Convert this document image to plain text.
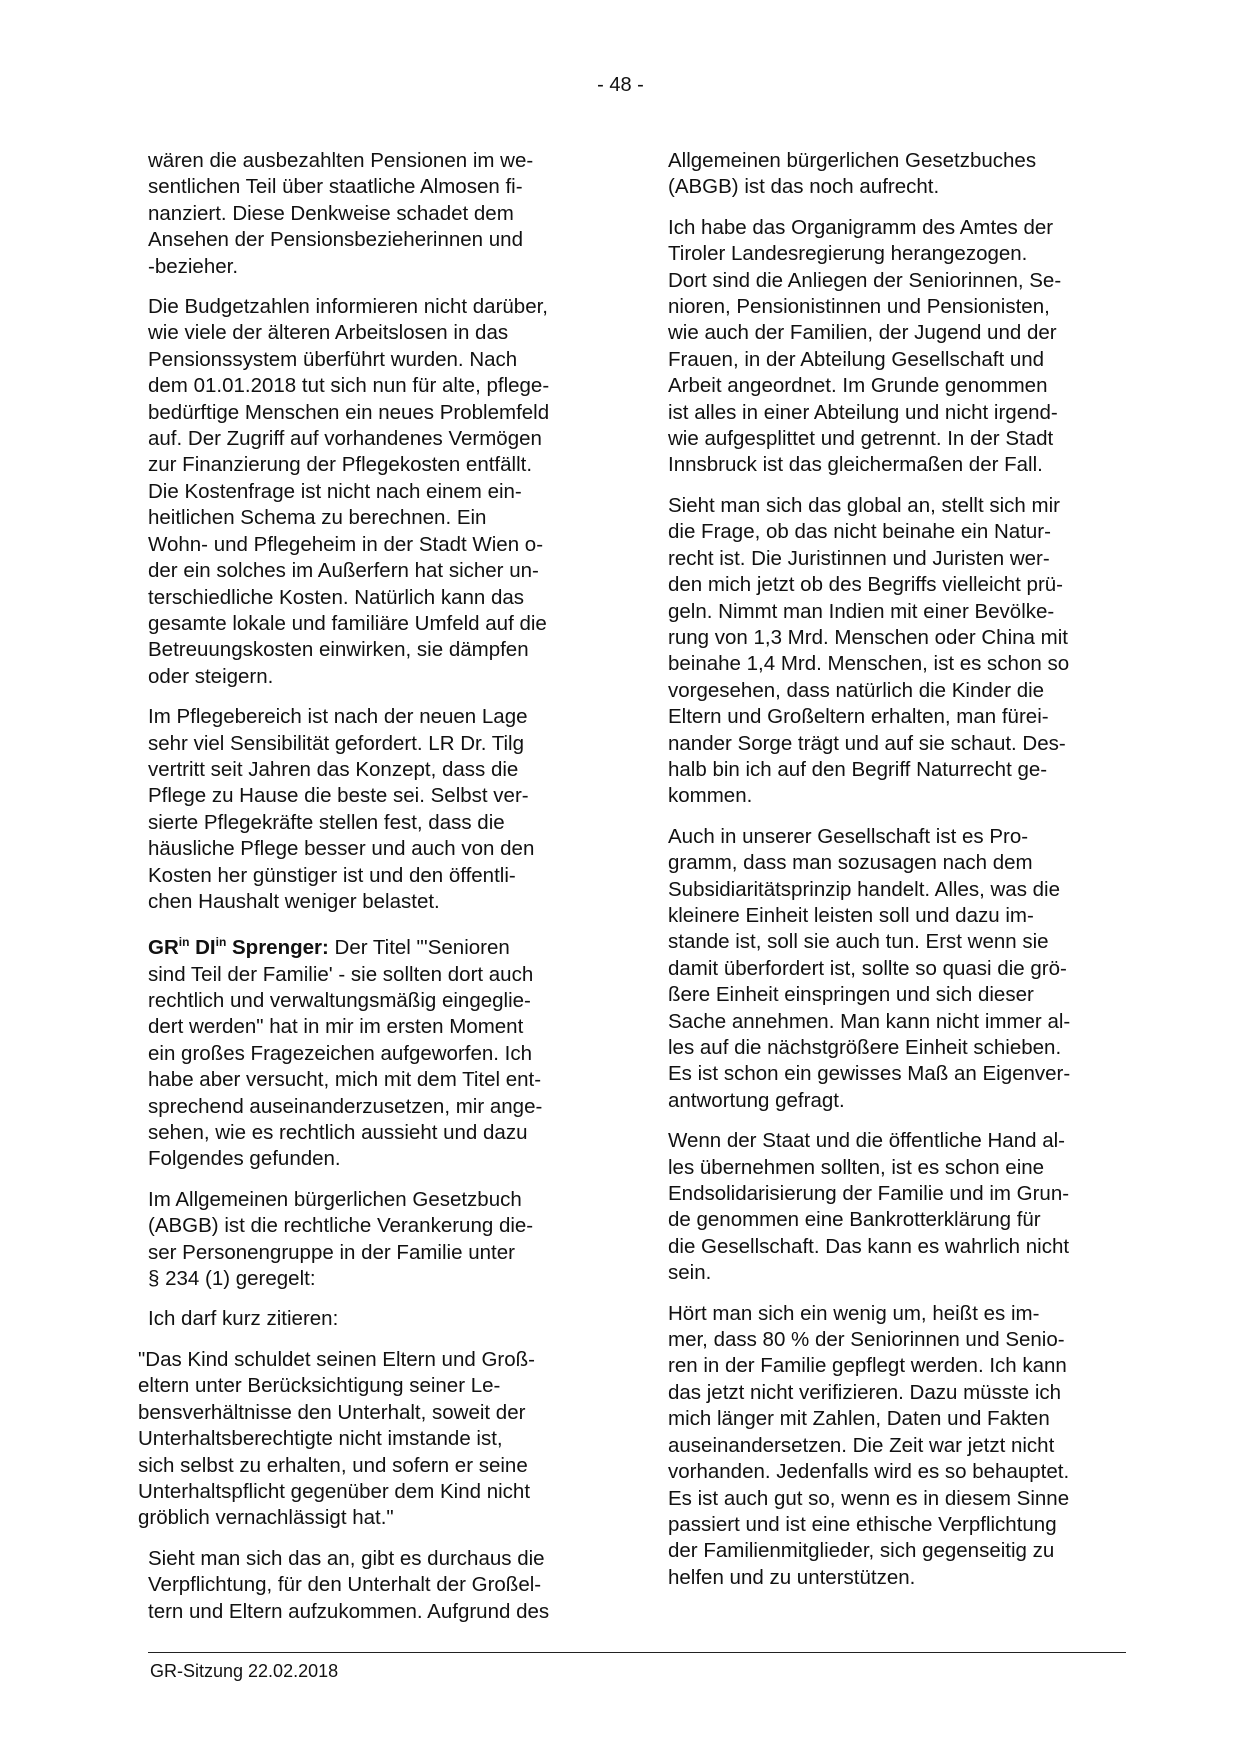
- 48 -

wären die ausbezahlten Pensionen im we-
sentlichen Teil über staatliche Almosen fi-
nanziert. Diese Denkweise schadet dem
Ansehen der Pensionsbezieherinnen und
-bezieher.

Die Budgetzahlen informieren nicht darüber,
wie viele der älteren Arbeitslosen in das
Pensionssystem überführt wurden. Nach
dem 01.01.2018 tut sich nun für alte, pflege-
bedürftige Menschen ein neues Problemfeld
auf. Der Zugriff auf vorhandenes Vermögen
zur Finanzierung der Pflegekosten entfällt.
Die Kostenfrage ist nicht nach einem ein-
heitlichen Schema zu berechnen. Ein
Wohn- und Pflegeheim in der Stadt Wien o-
der ein solches im Außerfern hat sicher un-
terschiedliche Kosten. Natürlich kann das
gesamte lokale und familiäre Umfeld auf die
Betreuungskosten einwirken, sie dämpfen
oder steigern.

Im Pflegebereich ist nach der neuen Lage
sehr viel Sensibilität gefordert. LR Dr. Tilg
vertritt seit Jahren das Konzept, dass die
Pflege zu Hause die beste sei. Selbst ver-
sierte Pflegekräfte stellen fest, dass die
häusliche Pflege besser und auch von den
Kosten her günstiger ist und den öffentli-
chen Haushalt weniger belastet.

$GR^{in}$ $DI^{in}$ Sprenger: Der Titel "'Senioren
sind Teil der Familie' - sie sollten dort auch
rechtlich und verwaltungsmäßig eingeglie-
dert werden" hat in mir im ersten Moment
ein großes Fragezeichen aufgeworfen. Ich
habe aber versucht, mich mit dem Titel ent-
sprechend auseinanderzusetzen, mir ange-
sehen, wie es rechtlich aussieht und dazu
Folgendes gefunden.

Im Allgemeinen bürgerlichen Gesetzbuch
(ABGB) ist die rechtliche Verankerung die-
ser Personengruppe in der Familie unter
§ 234 (1) geregelt:

Ich darf kurz zitieren:

"Das Kind schuldet seinen Eltern und Groß-
eltern unter Berücksichtigung seiner Le-
bensverhältnisse den Unterhalt, soweit der
Unterhaltsberechtigte nicht imstande ist,
sich selbst zu erhalten, und sofern er seine
Unterhaltspflicht gegenüber dem Kind nicht
gröblich vernachlässigt hat."

Sieht man sich das an, gibt es durchaus die
Verpflichtung, für den Unterhalt der Großel-
tern und Eltern aufzukommen. Aufgrund des

Allgemeinen bürgerlichen Gesetzbuches
(ABGB) ist das noch aufrecht.

Ich habe das Organigramm des Amtes der
Tiroler Landesregierung herangezogen.
Dort sind die Anliegen der Seniorinnen, Se-
nioren, Pensionistinnen und Pensionisten,
wie auch der Familien, der Jugend und der
Frauen, in der Abteilung Gesellschaft und
Arbeit angeordnet. Im Grunde genommen
ist alles in einer Abteilung und nicht irgend-
wie aufgesplittet und getrennt. In der Stadt
Innsbruck ist das gleichermaßen der Fall.

Sieht man sich das global an, stellt sich mir
die Frage, ob das nicht beinahe ein Natur-
recht ist. Die Juristinnen und Juristen wer-
den mich jetzt ob des Begriffs vielleicht prü-
geln. Nimmt man Indien mit einer Bevölke-
rung von 1,3 Mrd. Menschen oder China mit
beinahe 1,4 Mrd. Menschen, ist es schon so
vorgesehen, dass natürlich die Kinder die
Eltern und Großeltern erhalten, man fürei-
nander Sorge trägt und auf sie schaut. Des-
halb bin ich auf den Begriff Naturrecht ge-
kommen.

Auch in unserer Gesellschaft ist es Pro-
gramm, dass man sozusagen nach dem
Subsidiaritätsprinzip handelt. Alles, was die
kleinere Einheit leisten soll und dazu im-
stande ist, soll sie auch tun. Erst wenn sie
damit überfordert ist, sollte so quasi die grö-
ßere Einheit einspringen und sich dieser
Sache annehmen. Man kann nicht immer al-
les auf die nächstgrößere Einheit schieben.
Es ist schon ein gewisses Maß an Eigenver-
antwortung gefragt.

Wenn der Staat und die öffentliche Hand al-
les übernehmen sollten, ist es schon eine
Endsolidarisierung der Familie und im Grun-
de genommen eine Bankrotterklärung für
die Gesellschaft. Das kann es wahrlich nicht
sein.

Hört man sich ein wenig um, heißt es im-
mer, dass 80 % der Seniorinnen und Senio-
ren in der Familie gepflegt werden. Ich kann
das jetzt nicht verifizieren. Dazu müsste ich
mich länger mit Zahlen, Daten und Fakten
auseinandersetzen. Die Zeit war jetzt nicht
vorhanden. Jedenfalls wird es so behauptet.
Es ist auch gut so, wenn es in diesem Sinne
passiert und ist eine ethische Verpflichtung
der Familienmitglieder, sich gegenseitig zu
helfen und zu unterstützen.

GR-Sitzung 22.02.2018
